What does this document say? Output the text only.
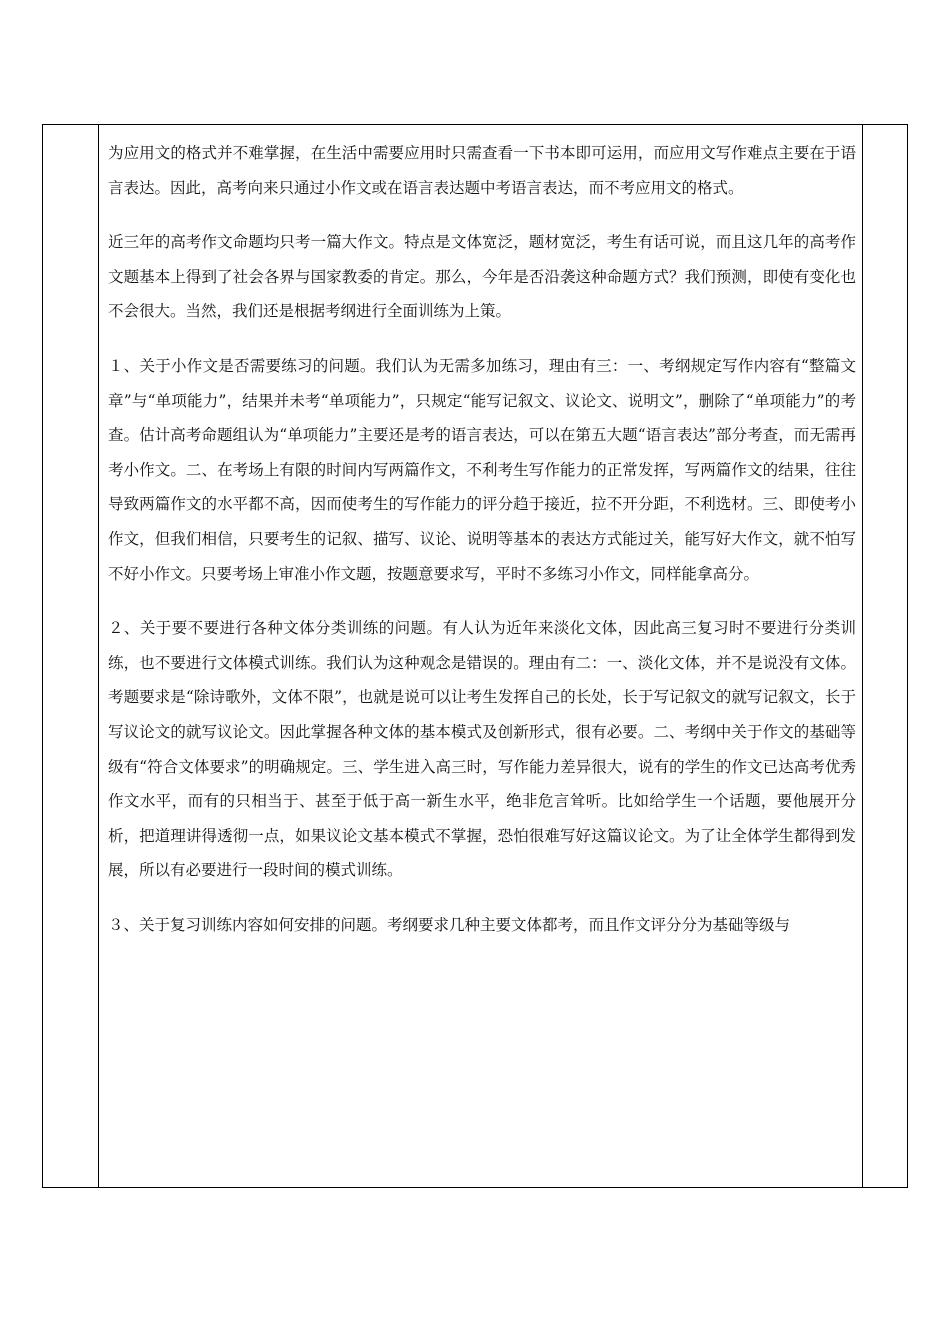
为应用文的格式并不难掌握，在生活中需要应用时只需查看一下书本即可运用，而应用文写作难点主要在于语言表达。因此，高考向来只通过小作文或在语言表达题中考语言表达，而不考应用文的格式。

近三年的高考作文命题均只考一篇大作文。特点是文体宽泛，题材宽泛，考生有话可说，而且这几年的高考作文题基本上得到了社会各界与国家教委的肯定。那么，今年是否沿袭这种命题方式？我们预测，即使有变化也不会很大。当然，我们还是根据考纲进行全面训练为上策。

１、关于小作文是否需要练习的问题。我们认为无需多加练习，理由有三：一、考纲规定写作内容有“整篇文章”与“单项能力”，结果并未考“单项能力”，只规定“能写记叙文、议论文、说明文”，删除了“单项能力”的考查。估计高考命题组认为“单项能力”主要还是考的语言表达，可以在第五大题“语言表达”部分考查，而无需再考小作文。二、在考场上有限的时间内写两篇作文，不利考生写作能力的正常发挥，写两篇作文的结果，往往导致两篇作文的水平都不高，因而使考生的写作能力的评分趋于接近，拉不开分距，不利选材。三、即使考小作文，但我们相信，只要考生的记叙、描写、议论、说明等基本的表达方式能过关，能写好大作文，就不怕写不好小作文。只要考场上审准小作文题，按题意要求写，平时不多练习小作文，同样能拿高分。

２、关于要不要进行各种文体分类训练的问题。有人认为近年来淡化文体，因此高三复习时不要进行分类训练，也不要进行文体模式训练。我们认为这种观念是错误的。理由有二：一、淡化文体，并不是说没有文体。考题要求是“除诗歌外，文体不限”，也就是说可以让考生发挥自己的长处，长于写记叙文的就写记叙文，长于写议论文的就写议论文。因此掌握各种文体的基本模式及创新形式，很有必要。二、考纲中关于作文的基础等级有“符合文体要求”的明确规定。三、学生进入高三时，写作能力差异很大，说有的学生的作文已达高考优秀作文水平，而有的只相当于、甚至于低于高一新生水平，绝非危言耸听。比如给学生一个话题，要他展开分析，把道理讲得透彻一点，如果议论文基本模式不掌握，恐怕很难写好这篇议论文。为了让全体学生都得到发展，所以有必要进行一段时间的模式训练。

３、关于复习训练内容如何安排的问题。考纲要求几种主要文体都考，而且作文评分分为基础等级与
